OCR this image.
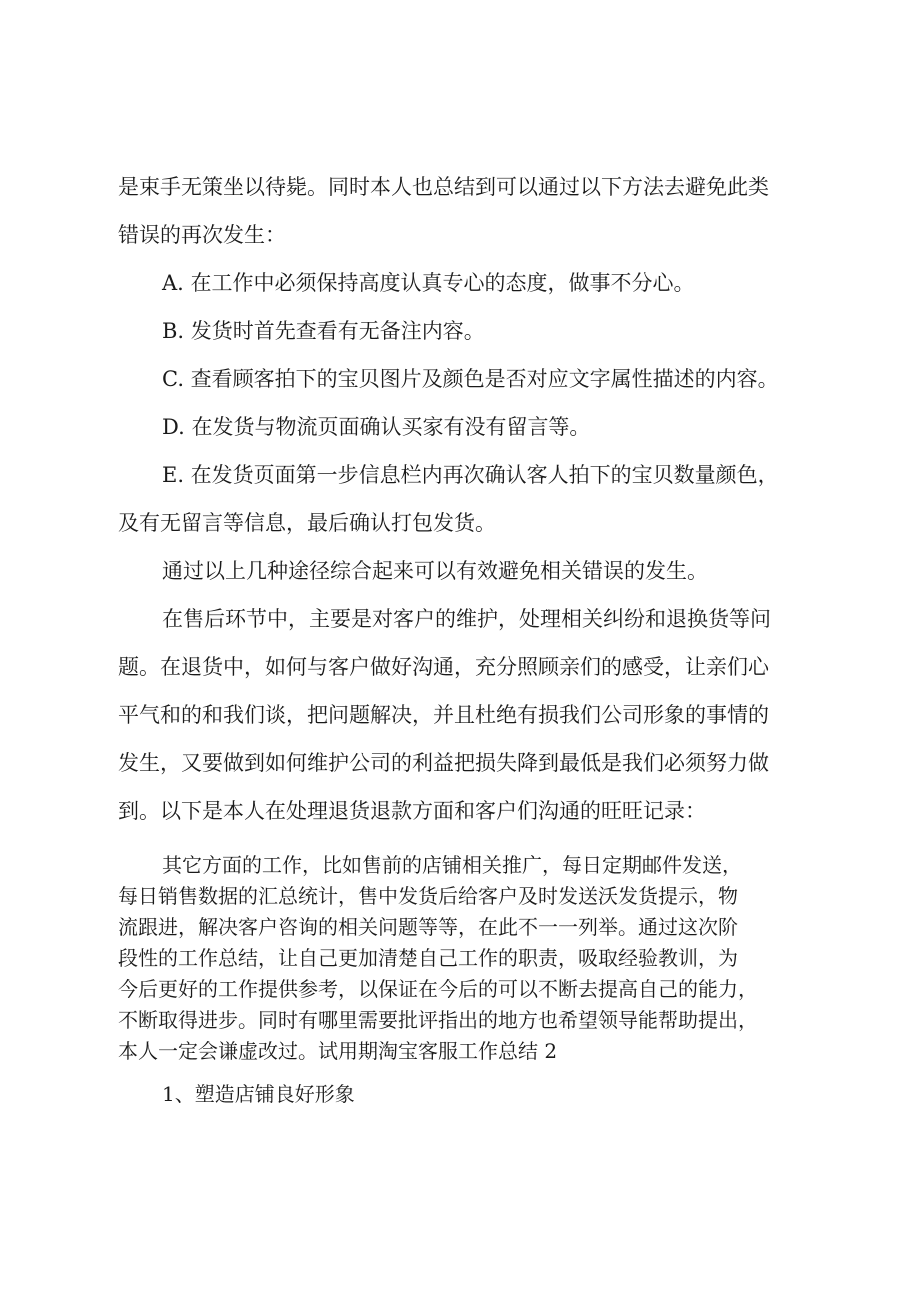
是束手无策坐以待毙。同时本人也总结到可以通过以下方法去避免此类

错误的再次发生：

A. 在工作中必须保持高度认真专心的态度，做事不分心。

B. 发货时首先查看有无备注内容。

C. 查看顾客拍下的宝贝图片及颜色是否对应文字属性描述的内容。

D. 在发货与物流页面确认买家有没有留言等。

E. 在发货页面第一步信息栏内再次确认客人拍下的宝贝数量颜色，

及有无留言等信息，最后确认打包发货。

通过以上几种途径综合起来可以有效避免相关错误的发生。

在售后环节中，主要是对客户的维护，处理相关纠纷和退换货等问

题。在退货中，如何与客户做好沟通，充分照顾亲们的感受，让亲们心

平气和的和我们谈，把问题解决，并且杜绝有损我们公司形象的事情的

发生，又要做到如何维护公司的利益把损失降到最低是我们必须努力做

到。以下是本人在处理退货退款方面和客户们沟通的旺旺记录：

其它方面的工作，比如售前的店铺相关推广，每日定期邮件发送，

每日销售数据的汇总统计，售中发货后给客户及时发送沃发货提示，物

流跟进，解决客户咨询的相关问题等等，在此不一一列举。通过这次阶

段性的工作总结，让自己更加清楚自己工作的职责，吸取经验教训，为

今后更好的工作提供参考，以保证在今后的可以不断去提高自己的能力，

不断取得进步。同时有哪里需要批评指出的地方也希望领导能帮助提出，

本人一定会谦虚改过。试用期淘宝客服工作总结 2

1、塑造店铺良好形象
